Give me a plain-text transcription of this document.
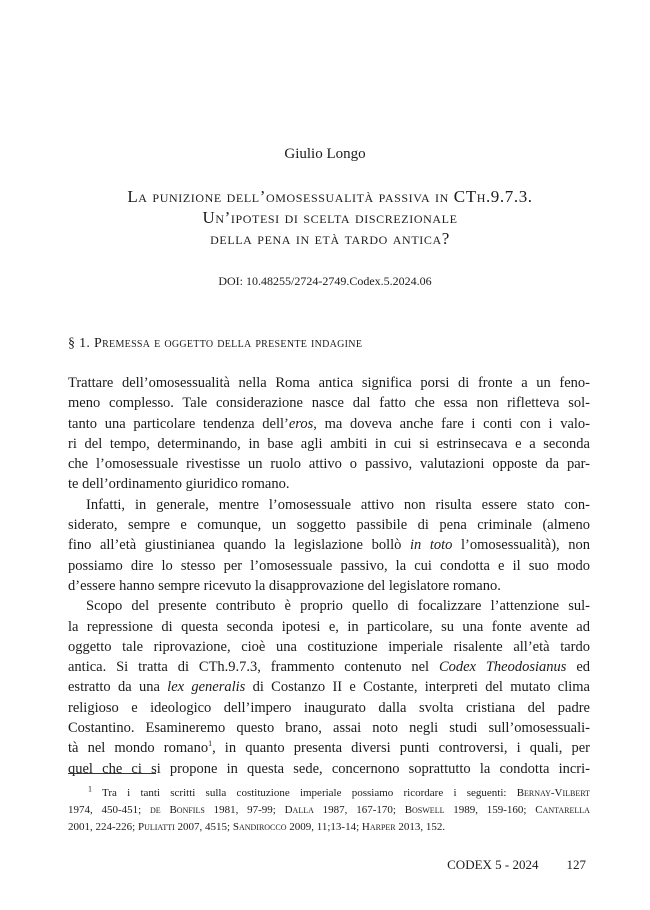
Giulio Longo
La punizione dell’omosessualità passiva in CTh.9.7.3.
Un’ipotesi di scelta discrezionale
della pena in età tardo antica?
DOI: 10.48255/2724-2749.Codex.5.2024.06
§ 1. Premessa e oggetto della presente indagine
Trattare dell’omosessualità nella Roma antica significa porsi di fronte a un feno-
meno complesso. Tale considerazione nasce dal fatto che essa non rifletteva sol-
tanto una particolare tendenza dell’eros, ma doveva anche fare i conti con i valo-
ri del tempo, determinando, in base agli ambiti in cui si estrinsecava e a seconda
che l’omosessuale rivestisse un ruolo attivo o passivo, valutazioni opposte da par-
te dell’ordinamento giuridico romano.
Infatti, in generale, mentre l’omosessuale attivo non risulta essere stato con-
siderato, sempre e comunque, un soggetto passibile di pena criminale (almeno
fino all’età giustinianea quando la legislazione bollò in toto l’omosessualità), non
possiamo dire lo stesso per l’omosessuale passivo, la cui condotta e il suo modo
d’essere hanno sempre ricevuto la disapprovazione del legislatore romano.
Scopo del presente contributo è proprio quello di focalizzare l’attenzione sul-
la repressione di questa seconda ipotesi e, in particolare, su una fonte avente ad
oggetto tale riprovazione, cioè una costituzione imperiale risalente all’età tardo
antica. Si tratta di CTh.9.7.3, frammento contenuto nel Codex Theodosianus ed
estratto da una lex generalis di Costanzo II e Costante, interpreti del mutato clima
religioso e ideologico dell’impero inaugurato dalla svolta cristiana del padre
Costantino. Esamineremo questo brano, assai noto negli studi sull’omosessuali-
tà nel mondo romano$^1$, in quanto presenta diversi punti controversi, i quali, per
quel che ci si propone in questa sede, concernono soprattutto la condotta incri-
$^1$ Tra i tanti scritti sulla costituzione imperiale possiamo ricordare i seguenti: Bernay-Vilbert
1974, 450-451; de Bonfils 1981, 97-99; Dalla 1987, 167-170; Boswell 1989, 159-160; Cantarella
2001, 224-226; Puliatti 2007, 4515; Sandirocco 2009, 11;13-14; Harper 2013, 152.
CODEX 5 - 2024 127
